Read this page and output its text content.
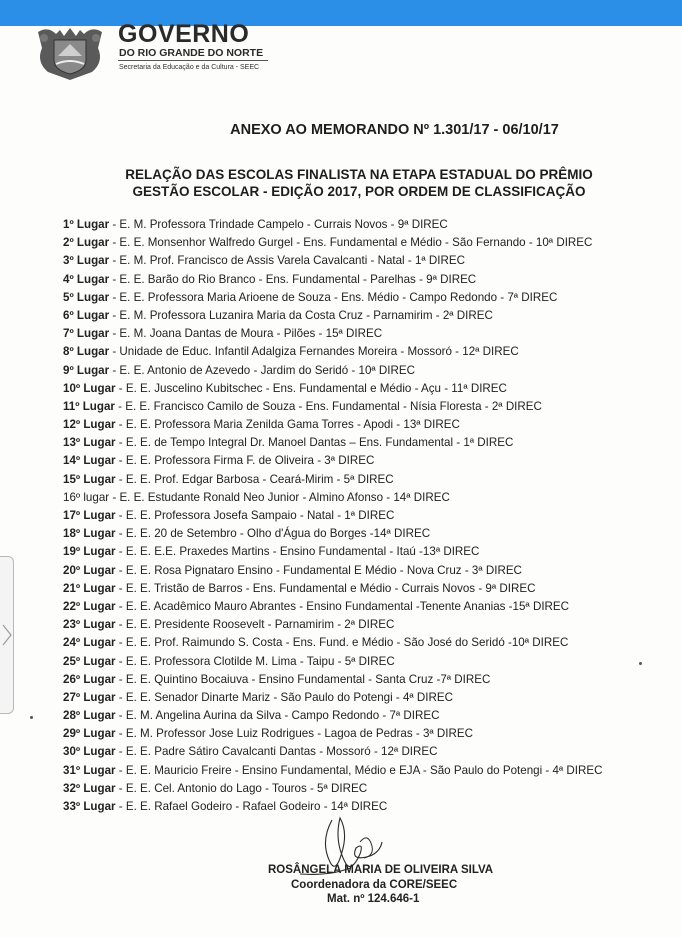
GOVERNO
DO RIO GRANDE DO NORTE
Secretaria da Educação e da Cultura - SEEC
ANEXO AO MEMORANDO Nº 1.301/17 - 06/10/17
RELAÇÃO DAS ESCOLAS FINALISTA NA ETAPA ESTADUAL DO PRÊMIO
GESTÃO ESCOLAR - EDIÇÃO 2017, POR ORDEM DE CLASSIFICAÇÃO
1º Lugar - E. M. Professora Trindade Campelo - Currais Novos - 9ª DIREC
2º Lugar - E. E. Monsenhor Walfredo Gurgel - Ens. Fundamental e Médio - São Fernando - 10ª DIREC
3º Lugar - E. M. Prof. Francisco de Assis Varela Cavalcanti - Natal - 1ª DIREC
4º Lugar - E. E. Barão do Rio Branco - Ens. Fundamental - Parelhas - 9ª DIREC
5º Lugar - E. E. Professora Maria Arioene de Souza - Ens. Médio - Campo Redondo - 7ª DIREC
6º Lugar - E. M. Professora Luzanira Maria da Costa Cruz - Parnamirim - 2ª DIREC
7º Lugar - E. M. Joana Dantas de Moura - Pilões - 15ª DIREC
8º Lugar - Unidade de Educ. Infantil Adalgiza Fernandes Moreira - Mossoró - 12ª DIREC
9º Lugar - E. E. Antonio de Azevedo - Jardim do Seridó - 10ª DIREC
10º Lugar - E. E. Juscelino Kubitschec - Ens. Fundamental e Médio - Açu - 11ª DIREC
11º Lugar - E. E. Francisco Camilo de Souza - Ens. Fundamental - Nísia Floresta - 2ª DIREC
12º Lugar - E. E. Professora Maria Zenilda Gama Torres - Apodi - 13ª DIREC
13º Lugar - E. E. de Tempo Integral Dr. Manoel Dantas – Ens. Fundamental - 1ª DIREC
14º Lugar - E. E. Professora Firma F. de Oliveira - 3ª DIREC
15º Lugar - E. E. Prof. Edgar Barbosa - Ceará-Mirim - 5ª DIREC
16º lugar - E. E. Estudante Ronald Neo Junior - Almino Afonso - 14ª DIREC
17º Lugar - E. E. Professora Josefa Sampaio - Natal - 1ª DIREC
18º Lugar - E. E. 20 de Setembro - Olho d'Água do Borges -14ª DIREC
19º Lugar - E. E. E.E. Praxedes Martins - Ensino Fundamental - Itaú -13ª DIREC
20º Lugar - E. E. Rosa Pignataro Ensino - Fundamental E Médio - Nova Cruz - 3ª DIREC
21º Lugar - E. E. Tristão de Barros - Ens. Fundamental e Médio - Currais Novos - 9ª DIREC
22º Lugar - E. E. Acadêmico Mauro Abrantes - Ensino Fundamental -Tenente Ananias -15ª DIREC
23º Lugar - E. E. Presidente Roosevelt - Parnamirim - 2ª DIREC
24º Lugar - E. E. Prof. Raimundo S. Costa - Ens. Fund. e Médio - São José do Seridó -10ª DIREC
25º Lugar - E. E. Professora Clotilde M. Lima - Taipu - 5ª DIREC
26º Lugar - E. E. Quintino Bocaiuva - Ensino Fundamental - Santa Cruz -7ª DIREC
27º Lugar - E. E. Senador Dinarte Mariz - São Paulo do Potengi - 4ª DIREC
28º Lugar - E. M. Angelina Aurina da Silva - Campo Redondo - 7ª DIREC
29º Lugar - E. M. Professor Jose Luiz Rodrigues - Lagoa de Pedras - 3ª DIREC
30º Lugar - E. E. Padre Sátiro Cavalcanti Dantas - Mossoró - 12ª DIREC
31º Lugar - E. E. Mauricio Freire - Ensino Fundamental, Médio e EJA - São Paulo do Potengi - 4ª DIREC
32º Lugar - E. E. Cel. Antonio do Lago - Touros - 5ª DIREC
33º Lugar - E. E. Rafael Godeiro - Rafael Godeiro - 14ª DIREC
ROSÂNGELA MARIA DE OLIVEIRA SILVA
Coordenadora da CORE/SEEC
Mat. nº 124.646-1
